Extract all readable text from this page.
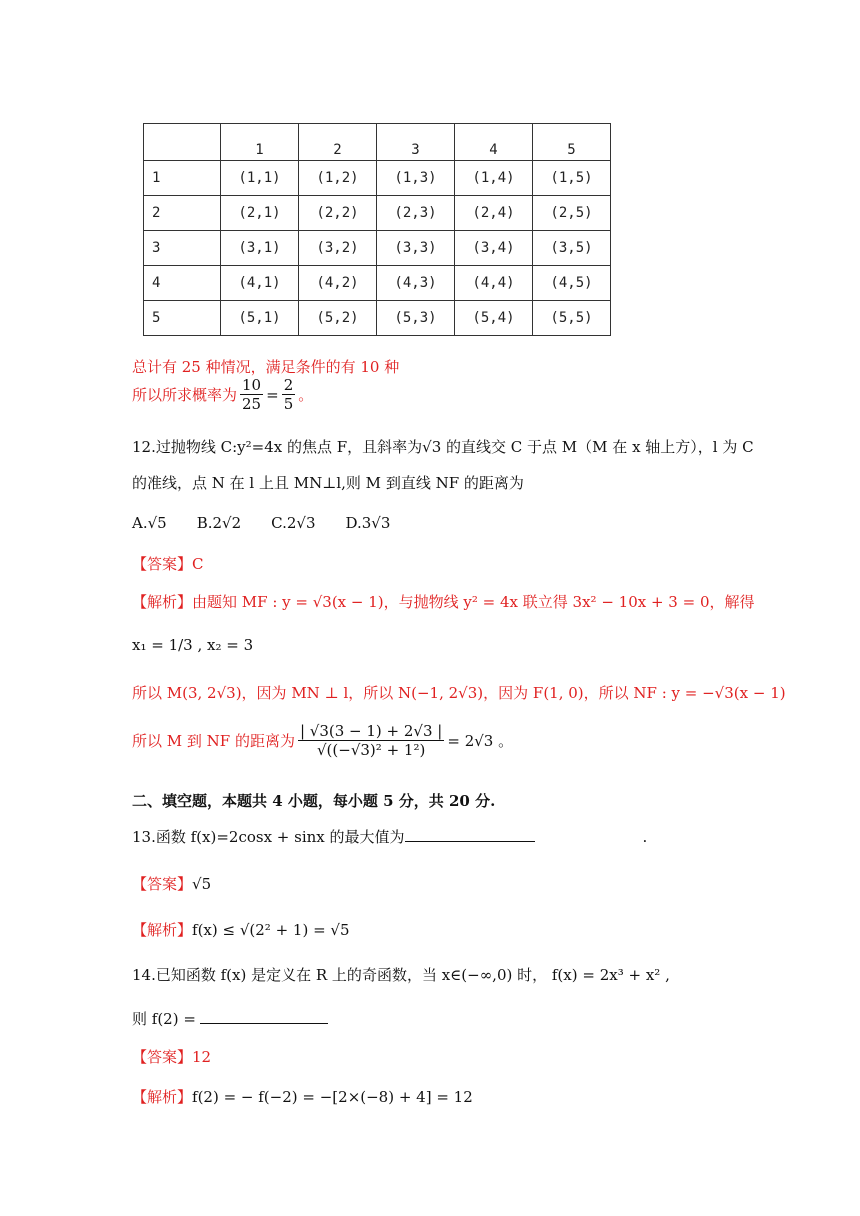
	1	2	3	4	5
1	(1,1)	(1,2)	(1,3)	(1,4)	(1,5)
2	(2,1)	(2,2)	(2,3)	(2,4)	(2,5)
3	(3,1)	(3,2)	(3,3)	(3,4)	(3,5)
4	(4,1)	(4,2)	(4,3)	(4,4)	(4,5)
5	(5,1)	(5,2)	(5,3)	(5,4)	(5,5)
总计有 25 种情况，满足条件的有 10 种
所以所求概率为 $\frac{10}{25} = \frac{2}{5}$ 。
12.过抛物线 C:y²=4x 的焦点 F，且斜率为√3 的直线交 C 于点 M（M 在 x 轴上方），l 为 C
的准线，点 N 在 l 上且 MN⊥l,则 M 到直线 NF 的距离为
A.√5 B.2√2 C.2√3 D.3√3
【答案】C
【解析】由题知 MF : y = √3(x − 1)，与抛物线 y² = 4x 联立得 3x² − 10x + 3 = 0，解得
x₁ = 1/3 , x₂ = 3
所以 M(3, 2√3)，因为 MN ⊥ l，所以 N(−1, 2√3)，因为 F(1, 0)，所以 NF : y = −√3(x − 1)
所以 M 到 NF 的距离为 $\frac{| √3(3 - 1) + 2√3 |}{\text{√((−√3)² + 1²)}} = 2√3$ 。
二、填空题，本题共 4 小题，每小题 5 分，共 20 分.
13.函数 f(x)=2cosx + sinx 的最大值为	.
【答案】√5
【解析】f(x) ≤ √(2² + 1) = √5
14.已知函数 f(x) 是定义在 R 上的奇函数，当 x∈(−∞,0) 时， f(x) = 2x³ + x² ,
则 f(2) =
【答案】12
【解析】f(2) = − f(−2) = −[2×(−8) + 4] = 12
